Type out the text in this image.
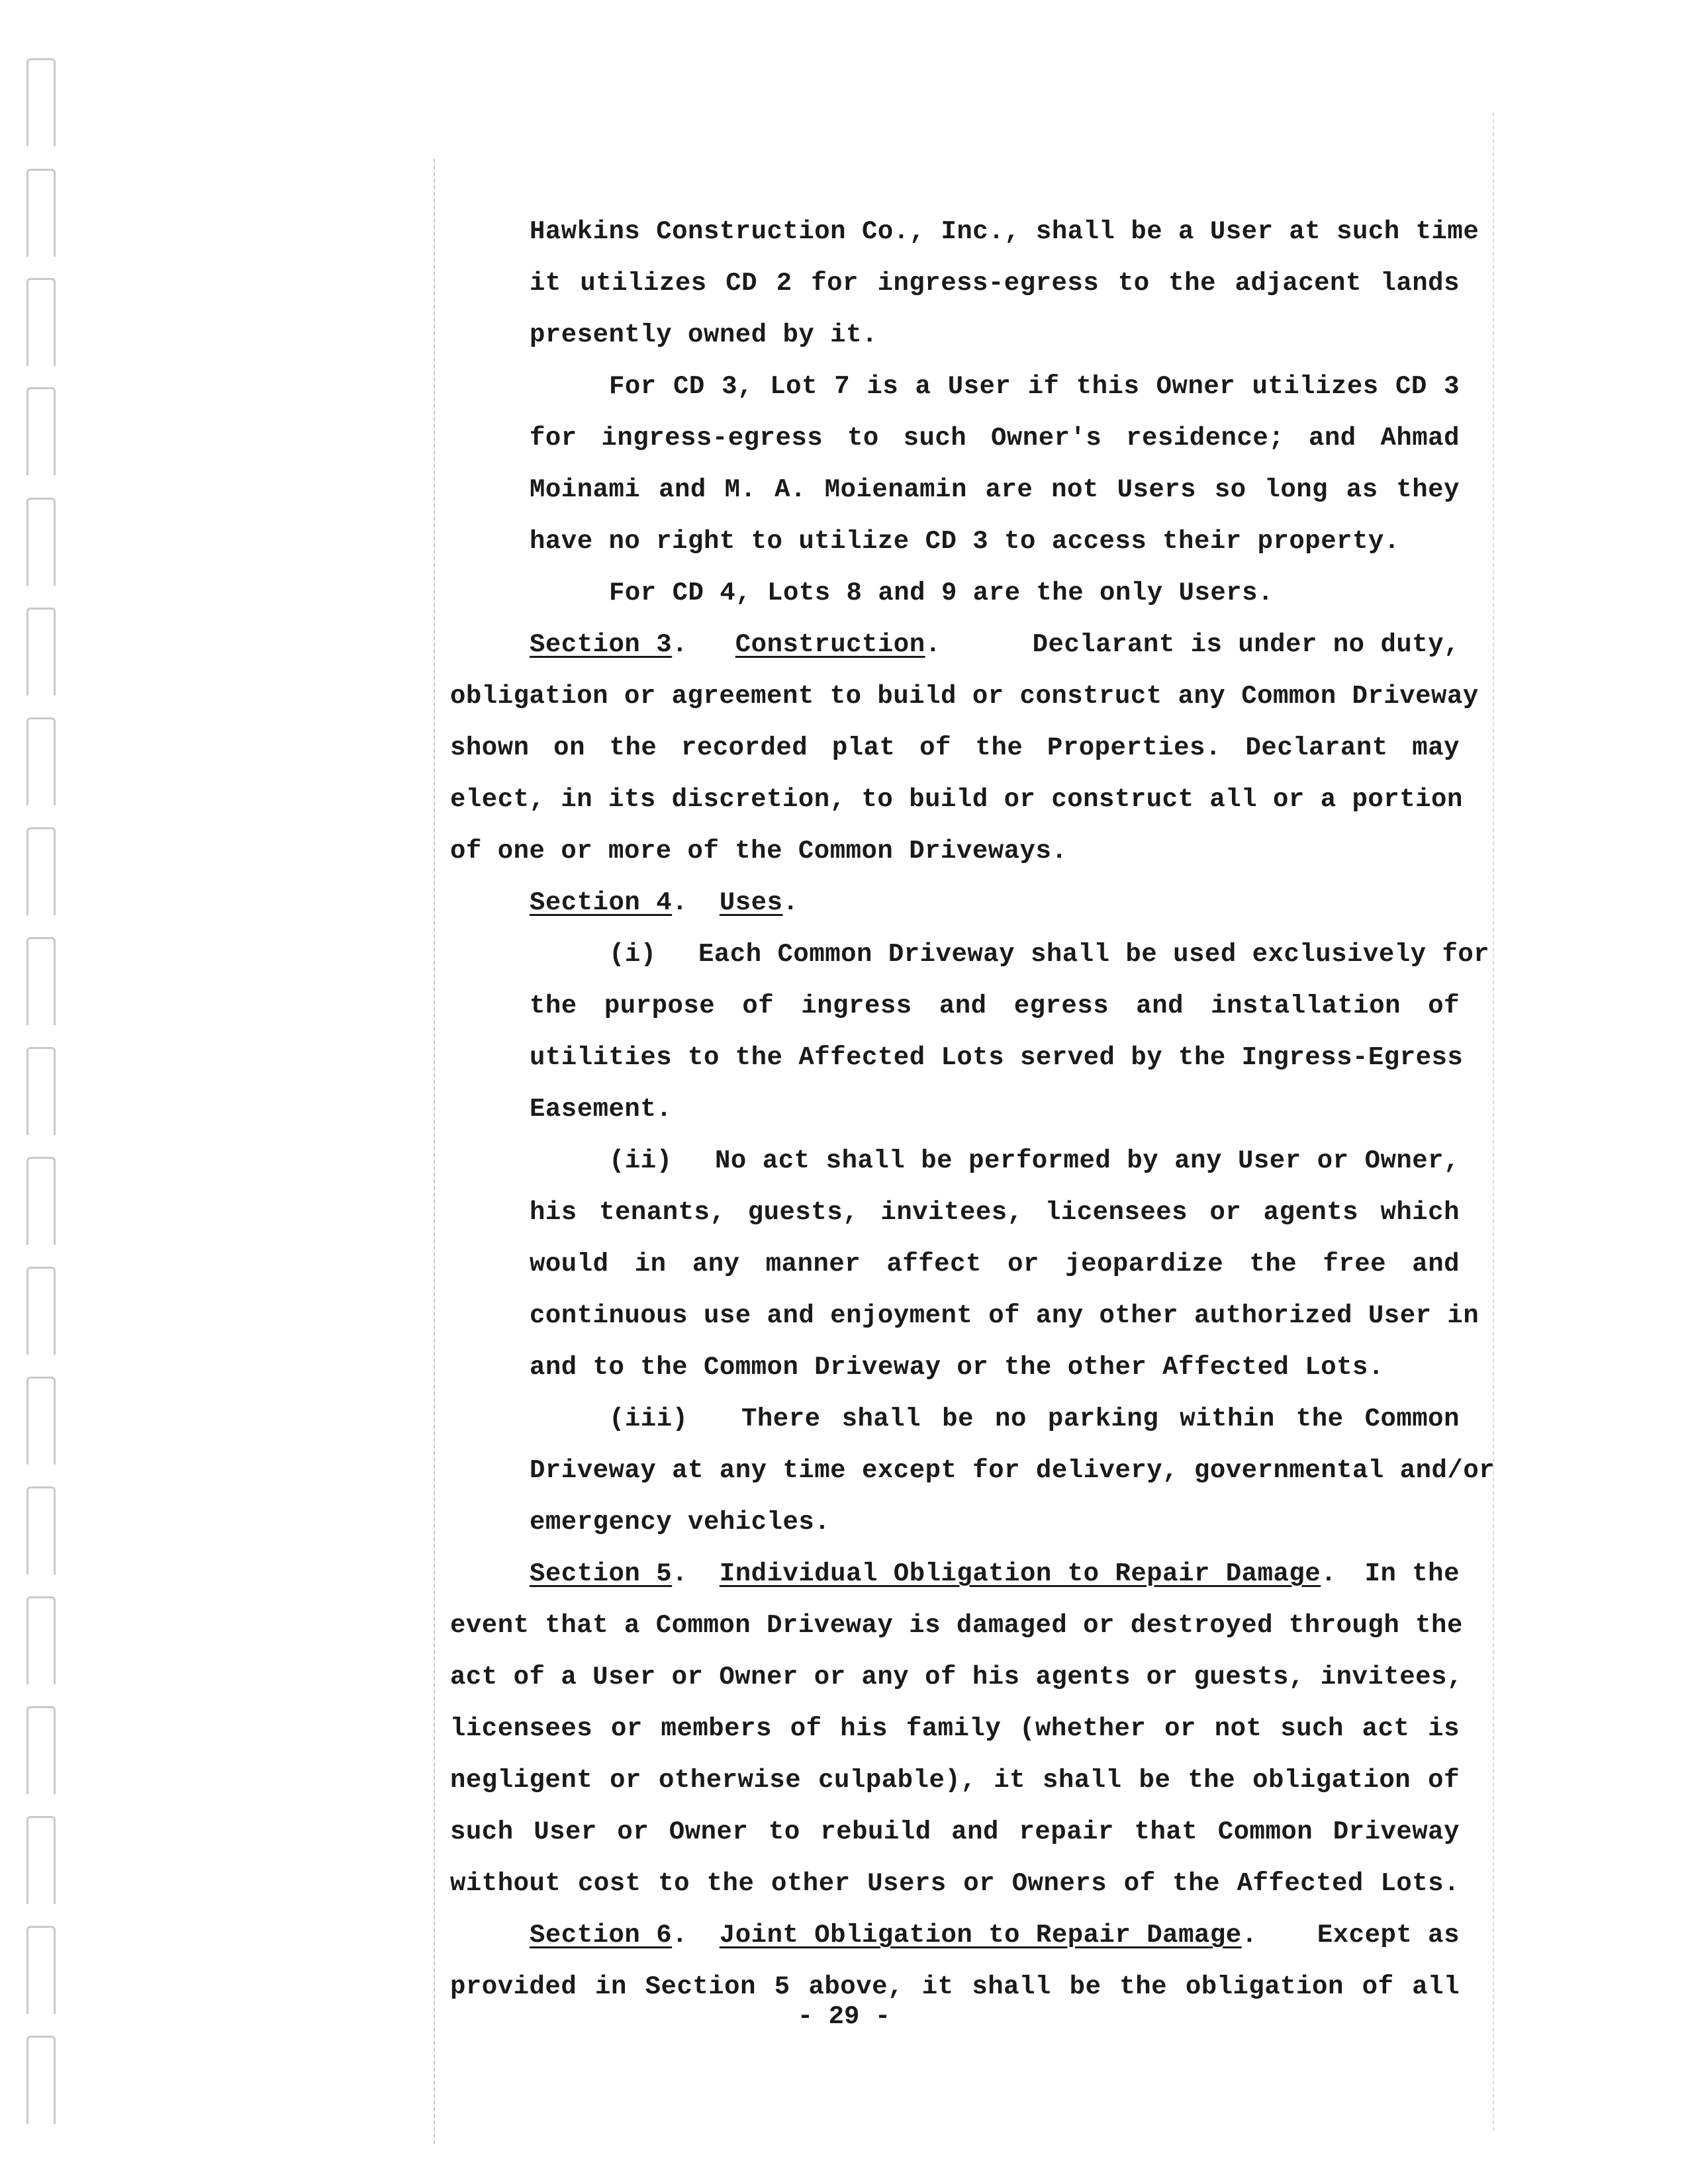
Hawkins Construction Co., Inc., shall be a User at such time
it utilizes CD 2 for ingress-egress to the adjacent lands
presently owned by it.
For CD 3, Lot 7 is a User if this Owner utilizes CD 3
for ingress-egress to such Owner's residence; and Ahmad
Moinami and M. A. Moienamin are not Users so long as they
have no right to utilize CD 3 to access their property.
For CD 4, Lots 8 and 9 are the only Users.
Section 3.   Construction.	Declarant is under no duty,
obligation or agreement to build or construct any Common Driveway
shown on the recorded plat of the Properties. Declarant may
elect, in its discretion, to build or construct all or a portion
of one or more of the Common Driveways.
Section 4.  Uses.
(i) Each Common Driveway shall be used exclusively for
the purpose of ingress and egress and installation of
utilities to the Affected Lots served by the Ingress-Egress
Easement.
(ii) No act shall be performed by any User or Owner,
his tenants, guests, invitees, licensees or agents which
would in any manner affect or jeopardize the free and
continuous use and enjoyment of any other authorized User in
and to the Common Driveway or the other Affected Lots.
(iii) There shall be no parking within the Common
Driveway at any time except for delivery, governmental and/or
emergency vehicles.
Section 5.  Individual Obligation to Repair Damage. In the
event that a Common Driveway is damaged or destroyed through the
act of a User or Owner or any of his agents or guests, invitees,
licensees or members of his family (whether or not such act is
negligent or otherwise culpable), it shall be the obligation of
such User or Owner to rebuild and repair that Common Driveway
without cost to the other Users or Owners of the Affected Lots.
Section 6.  Joint Obligation to Repair Damage. Except as
provided in Section 5 above, it shall be the obligation of all
- 29 -
